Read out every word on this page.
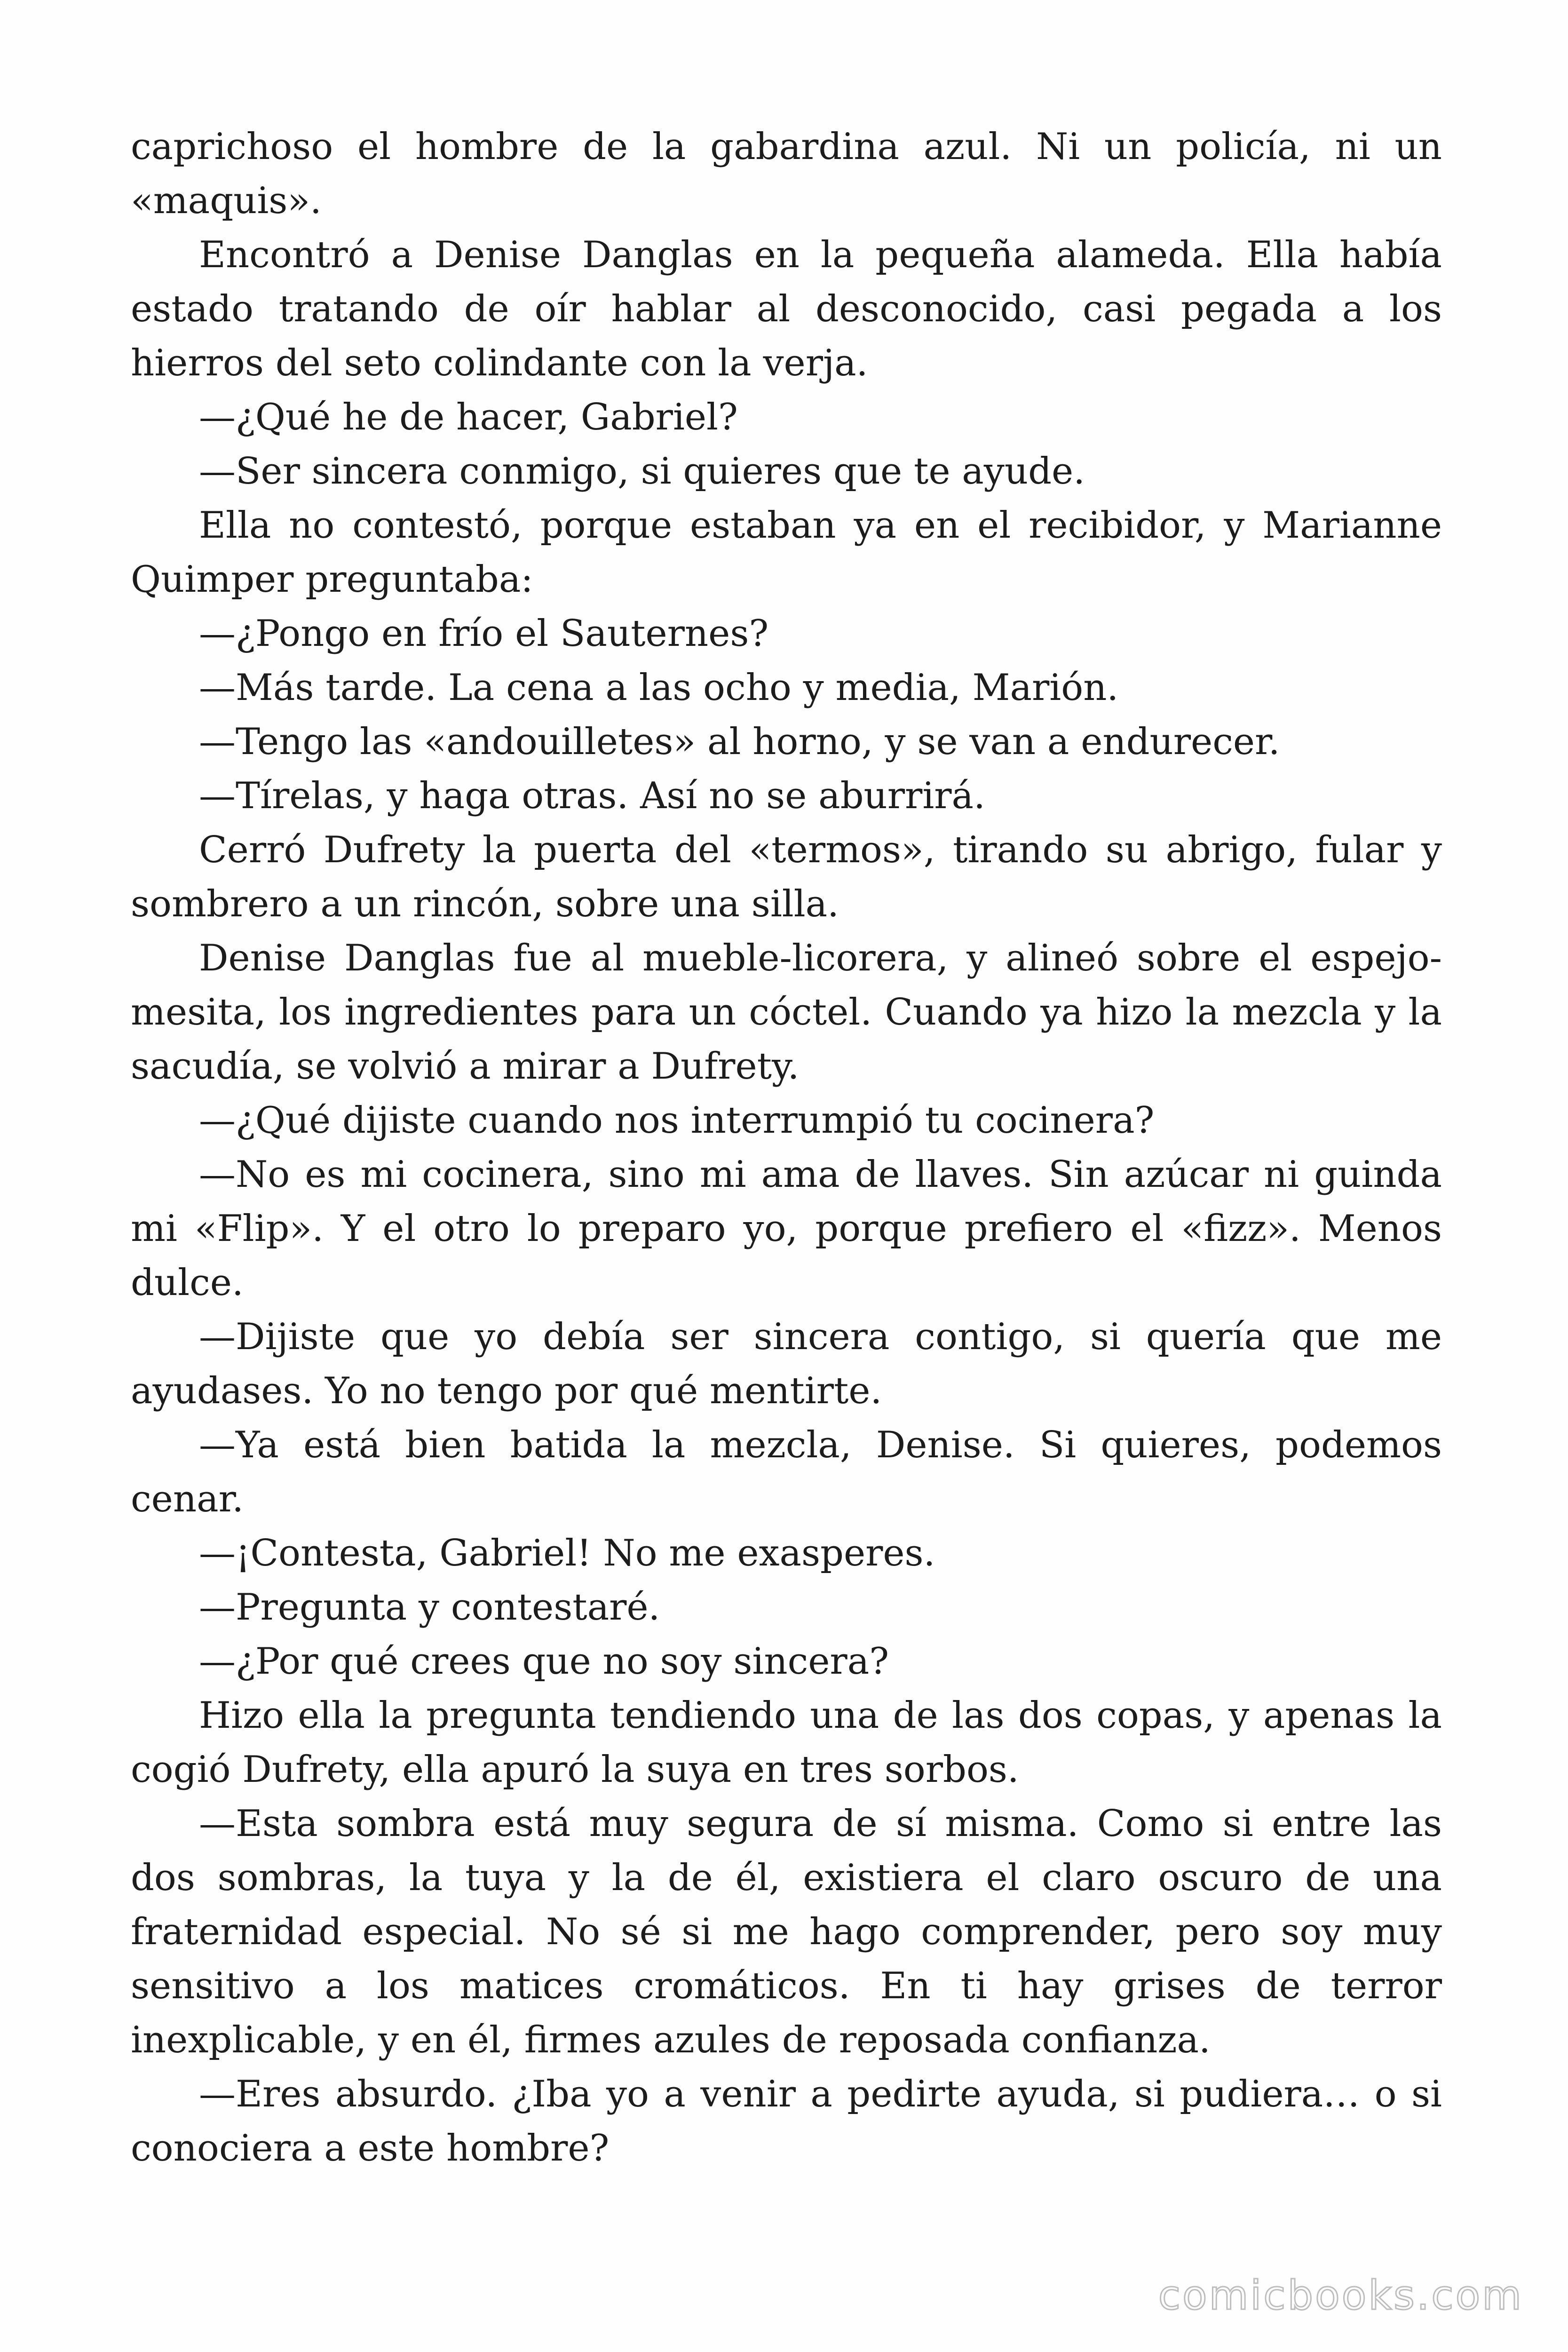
caprichoso el hombre de la gabardina azul. Ni un policía, ni un «maquis».

Encontró a Denise Danglas en la pequeña alameda. Ella había estado tratando de oír hablar al desconocido, casi pegada a los hierros del seto colindante con la verja.

—¿Qué he de hacer, Gabriel?

—Ser sincera conmigo, si quieres que te ayude.

Ella no contestó, porque estaban ya en el recibidor, y Marianne Quimper preguntaba:

—¿Pongo en frío el Sauternes?

—Más tarde. La cena a las ocho y media, Marión.

—Tengo las «andouilletes» al horno, y se van a endurecer.

—Tírelas, y haga otras. Así no se aburrirá.

Cerró Dufrety la puerta del «termos», tirando su abrigo, fular y sombrero a un rincón, sobre una silla.

Denise Danglas fue al mueble-licorera, y alineó sobre el espejo-mesita, los ingredientes para un cóctel. Cuando ya hizo la mezcla y la sacudía, se volvió a mirar a Dufrety.

—¿Qué dijiste cuando nos interrumpió tu cocinera?

—No es mi cocinera, sino mi ama de llaves. Sin azúcar ni guinda mi «Flip». Y el otro lo preparo yo, porque prefiero el «fizz». Menos dulce.

—Dijiste que yo debía ser sincera contigo, si quería que me ayudases. Yo no tengo por qué mentirte.

—Ya está bien batida la mezcla, Denise. Si quieres, podemos cenar.

—¡Contesta, Gabriel! No me exasperes.

—Pregunta y contestaré.

—¿Por qué crees que no soy sincera?

Hizo ella la pregunta tendiendo una de las dos copas, y apenas la cogió Dufrety, ella apuró la suya en tres sorbos.

—Esta sombra está muy segura de sí misma. Como si entre las dos sombras, la tuya y la de él, existiera el claro oscuro de una fraternidad especial. No sé si me hago comprender, pero soy muy sensitivo a los matices cromáticos. En ti hay grises de terror inexplicable, y en él, firmes azules de reposada confianza.

—Eres absurdo. ¿Iba yo a venir a pedirte ayuda, si pudiera… o si conociera a este hombre?

comicbooks.com
